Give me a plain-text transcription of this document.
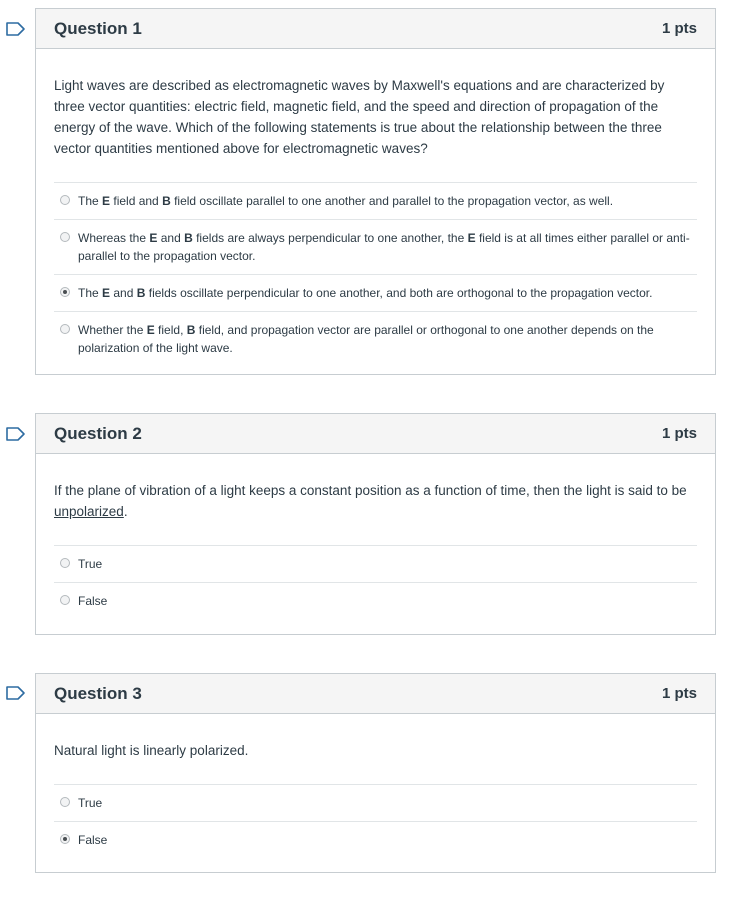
Question 1	1 pts

Light waves are described as electromagnetic waves by Maxwell's equations and are characterized by three vector quantities: electric field, magnetic field, and the speed and direction of propagation of the energy of the wave. Which of the following statements is true about the relationship between the three vector quantities mentioned above for electromagnetic waves?

The E field and B field oscillate parallel to one another and parallel to the propagation vector, as well.
Whereas the E and B fields are always perpendicular to one another, the E field is at all times either parallel or anti-parallel to the propagation vector.
The E and B fields oscillate perpendicular to one another, and both are orthogonal to the propagation vector.
Whether the E field, B field, and propagation vector are parallel or orthogonal to one another depends on the polarization of the light wave.
Question 2	1 pts

If the plane of vibration of a light keeps a constant position as a function of time, then the light is said to be unpolarized.

True
False
Question 3	1 pts

Natural light is linearly polarized.

True
False
